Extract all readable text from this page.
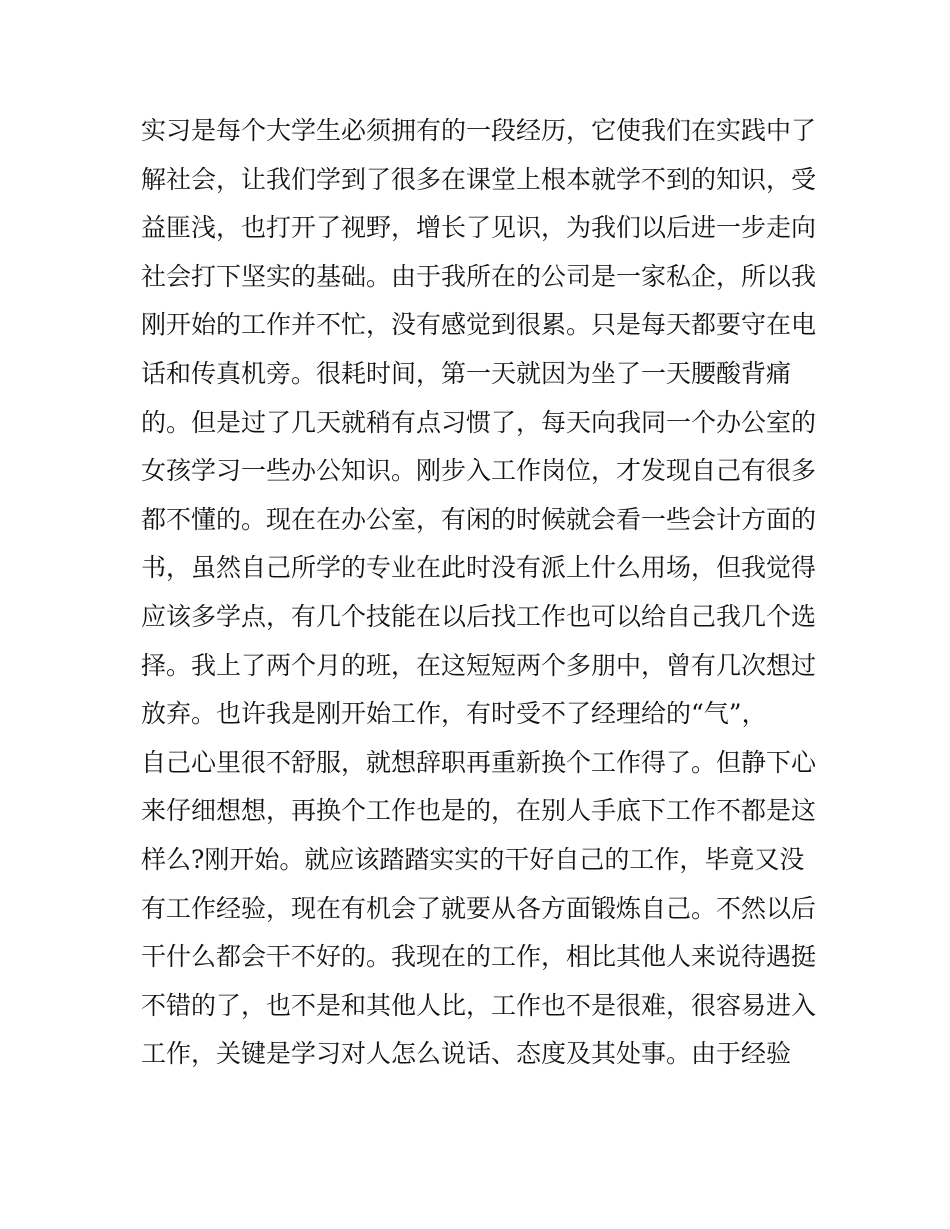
实习是每个大学生必须拥有的一段经历，它使我们在实践中了
解社会，让我们学到了很多在课堂上根本就学不到的知识，受
益匪浅，也打开了视野，增长了见识，为我们以后进一步走向
社会打下坚实的基础。由于我所在的公司是一家私企，所以我
刚开始的工作并不忙，没有感觉到很累。只是每天都要守在电
话和传真机旁。很耗时间，第一天就因为坐了一天腰酸背痛
的。但是过了几天就稍有点习惯了，每天向我同一个办公室的
女孩学习一些办公知识。刚步入工作岗位，才发现自己有很多
都不懂的。现在在办公室，有闲的时候就会看一些会计方面的
书，虽然自己所学的专业在此时没有派上什么用场，但我觉得
应该多学点，有几个技能在以后找工作也可以给自己我几个选
择。我上了两个月的班，在这短短两个多朋中，曾有几次想过
放弃。也许我是刚开始工作，有时受不了经理给的“气”，
自己心里很不舒服，就想辞职再重新换个工作得了。但静下心
来仔细想想，再换个工作也是的，在别人手底下工作不都是这
样么?刚开始。就应该踏踏实实的干好自己的工作，毕竟又没
有工作经验，现在有机会了就要从各方面锻炼自己。不然以后
干什么都会干不好的。我现在的工作，相比其他人来说待遇挺
不错的了，也不是和其他人比，工作也不是很难，很容易进入
工作，关键是学习对人怎么说话、态度及其处事。由于经验
